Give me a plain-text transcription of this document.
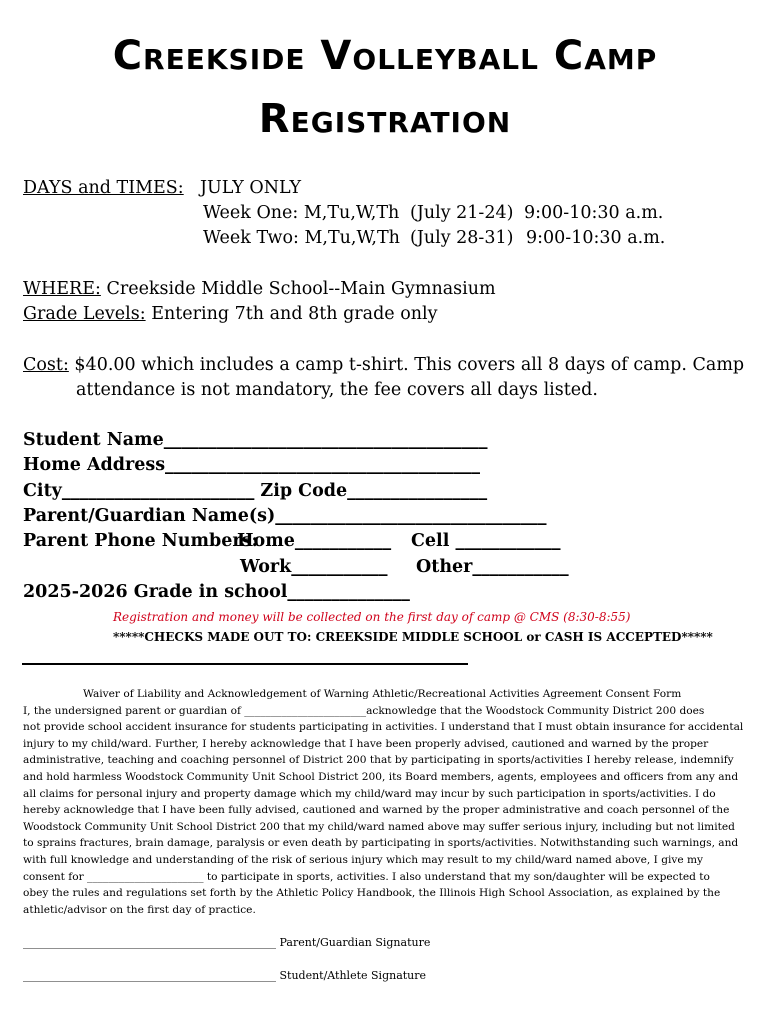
Creekside Volleyball Camp
Registration
DAYS and TIMES: JULY ONLY
Week One: M,Tu,W,Th (July 21-24) 9:00-10:30 a.m.
Week Two: M,Tu,W,Th (July 28-31) 9:00-10:30 a.m.
WHERE: Creekside Middle School--Main Gymnasium
Grade Levels: Entering 7th and 8th grade only
Cost: $40.00 which includes a camp t-shirt. This covers all 8 days of camp. Camp
attendance is not mandatory, the fee covers all days listed.
Student Name_____________________________________
Home Address____________________________________
City______________________ Zip Code________________
Parent/Guardian Name(s)_______________________________
Parent Phone Numbers:
Home___________ Cell ____________
Work___________ Other___________
2025-2026 Grade in school______________
Registration and money will be collected on the first day of camp @ CMS (8:30-8:55)
*****CHECKS MADE OUT TO: CREEKSIDE MIDDLE SCHOOL or CASH IS ACCEPTED*****
Waiver of Liability and Acknowledgement of Warning Athletic/Recreational Activities Agreement Consent Form
I, the undersigned parent or guardian of _______________________acknowledge that the Woodstock Community District 200 does
not provide school accident insurance for students participating in activities. I understand that I must obtain insurance for accidental
injury to my child/ward. Further, I hereby acknowledge that I have been properly advised, cautioned and warned by the proper
administrative, teaching and coaching personnel of District 200 that by participating in sports/activities I hereby release, indemnify
and hold harmless Woodstock Community Unit School District 200, its Board members, agents, employees and officers from any and
all claims for personal injury and property damage which my child/ward may incur by such participation in sports/activities. I do
hereby acknowledge that I have been fully advised, cautioned and warned by the proper administrative and coach personnel of the
Woodstock Community Unit School District 200 that my child/ward named above may suffer serious injury, including but not limited
to sprains fractures, brain damage, paralysis or even death by participating in sports/activities. Notwithstanding such warnings, and
with full knowledge and understanding of the risk of serious injury which may result to my child/ward named above, I give my
consent for ______________________ to participate in sports, activities. I also understand that my son/daughter will be expected to
obey the rules and regulations set forth by the Athletic Policy Handbook, the Illinois High School Association, as explained by the
athletic/advisor on the first day of practice.
______________________________________________ Parent/Guardian Signature
______________________________________________ Student/Athlete Signature
